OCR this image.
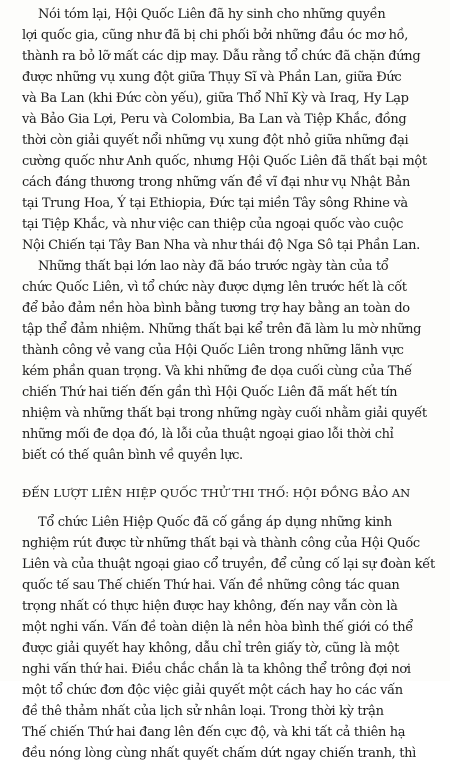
Nói tóm lại, Hội Quốc Liên đã hy sinh cho những quyền
lợi quốc gia, cũng như đã bị chi phối bởi những đầu óc mơ hồ,
thành ra bỏ lỡ mất các dịp may. Dẫu rằng tổ chức đã chặn đứng
được những vụ xung đột giữa Thụy Sĩ và Phần Lan, giữa Đức
và Ba Lan (khi Đức còn yếu), giữa Thổ Nhĩ Kỳ và Iraq, Hy Lạp
và Bảo Gia Lợi, Peru và Colombia, Ba Lan và Tiệp Khắc, đồng
thời còn giải quyết nổi những vụ xung đột nhỏ giữa những đại
cường quốc như Anh quốc, nhưng Hội Quốc Liên đã thất bại một
cách đáng thương trong những vấn đề vĩ đại như vụ Nhật Bản
tại Trung Hoa, Ý tại Ethiopia, Đức tại miền Tây sông Rhine và
tại Tiệp Khắc, và như việc can thiệp của ngoại quốc vào cuộc
Nội Chiến tại Tây Ban Nha và như thái độ Nga Sô tại Phần Lan.
Những thất bại lớn lao này đã báo trước ngày tàn của tổ
chức Quốc Liên, vì tổ chức này được dựng lên trước hết là cốt
để bảo đảm nền hòa bình bằng tương trợ hay bằng an toàn do
tập thể đảm nhiệm. Những thất bại kể trên đã làm lu mờ những
thành công vẻ vang của Hội Quốc Liên trong những lãnh vực
kém phần quan trọng. Và khi những đe dọa cuối cùng của Thế
chiến Thứ hai tiến đến gần thì Hội Quốc Liên đã mất hết tín
nhiệm và những thất bại trong những ngày cuối nhằm giải quyết
những mối đe dọa đó, là lỗi của thuật ngoại giao lỗi thời chỉ
biết có thế quân bình về quyền lực.
ĐẾN LƯỢT LIÊN HIỆP QUỐC THỬ THI THỐ: HỘI ĐỒNG BẢO AN
Tổ chức Liên Hiệp Quốc đã cố gắng áp dụng những kinh
nghiệm rút được từ những thất bại và thành công của Hội Quốc
Liên và của thuật ngoại giao cổ truyền, để củng cố lại sự đoàn kết
quốc tế sau Thế chiến Thứ hai. Vấn đề những công tác quan
trọng nhất có thực hiện được hay không, đến nay vẫn còn là
một nghi vấn. Vấn đề toàn diện là nền hòa bình thế giới có thể
được giải quyết hay không, dẫu chỉ trên giấy tờ, cũng là một
nghi vấn thứ hai. Điều chắc chắn là ta không thể trông đợi nơi
một tổ chức đơn độc việc giải quyết một cách hay ho các vấn
đề thê thảm nhất của lịch sử nhân loại. Trong thời kỳ trận
Thế chiến Thứ hai đang lên đến cực độ, và khi tất cả thiên hạ
đều nóng lòng cùng nhất quyết chấm dứt ngay chiến tranh, thì
